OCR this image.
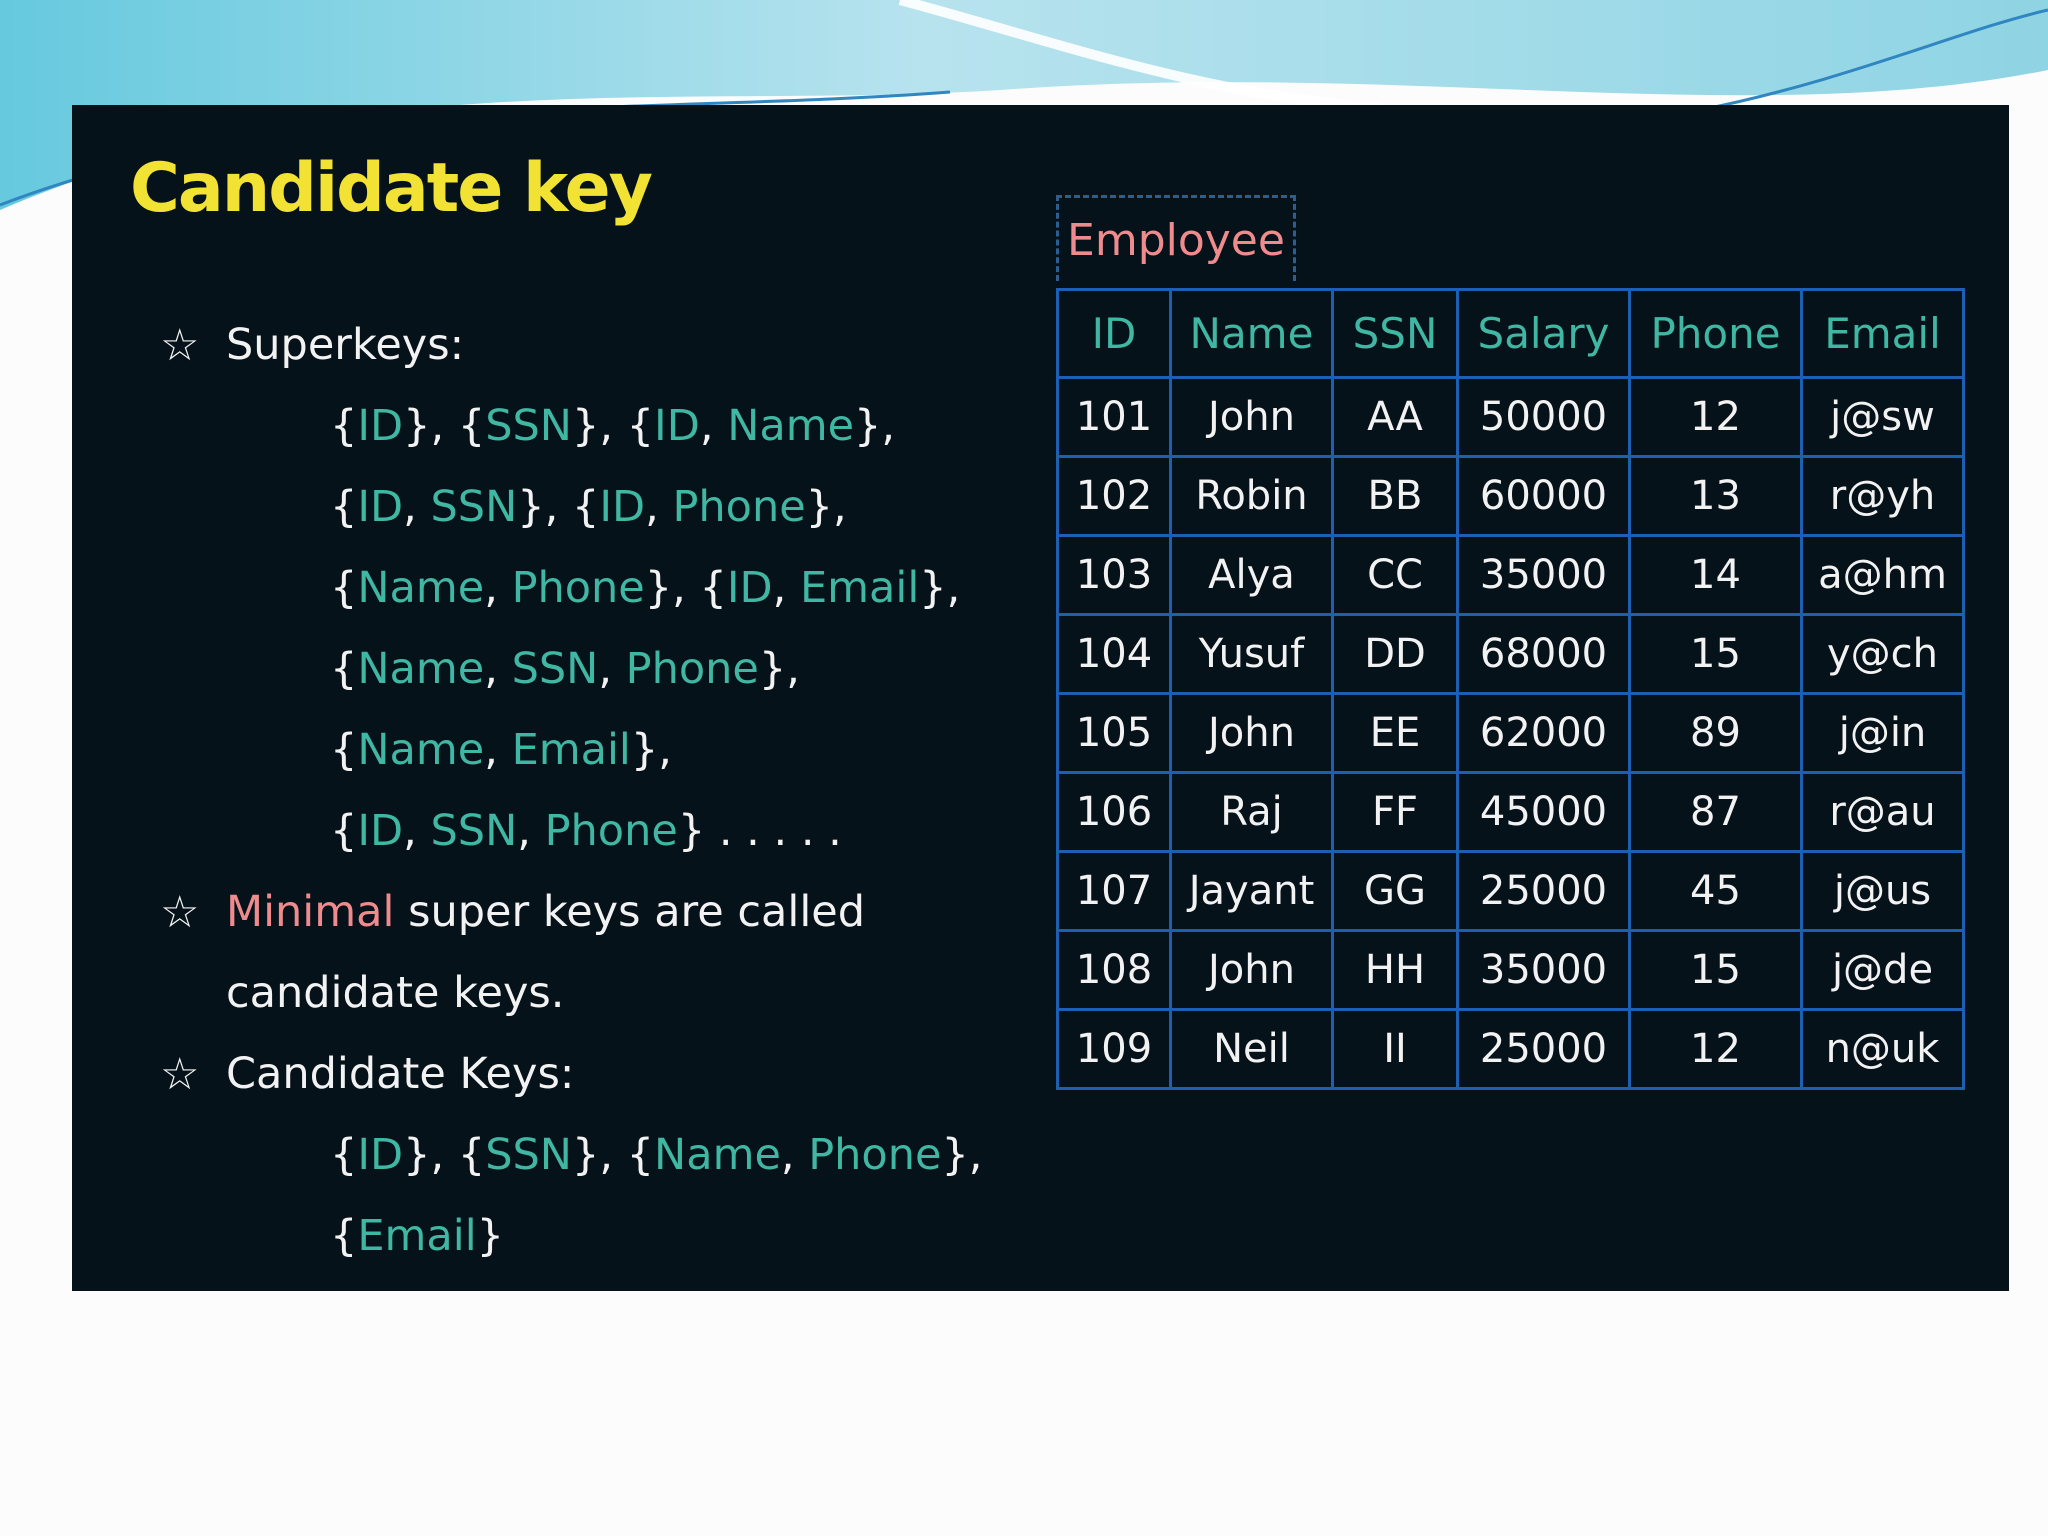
Candidate key
☆ Superkeys:
{ID}, {SSN}, {ID, Name},
{ID, SSN}, {ID, Phone},
{Name, Phone}, {ID, Email},
{Name, SSN, Phone},
{Name, Email},
{ID, SSN, Phone} . . . . .
☆ Minimal super keys are called
candidate keys.
☆ Candidate Keys:
{ID}, {SSN}, {Name, Phone},
{Email}
Employee
ID	Name	SSN	Salary	Phone	Email
101	John	AA	50000	12	j@sw
102	Robin	BB	60000	13	r@yh
103	Alya	CC	35000	14	a@hm
104	Yusuf	DD	68000	15	y@ch
105	John	EE	62000	89	j@in
106	Raj	FF	45000	87	r@au
107	Jayant	GG	25000	45	j@us
108	John	HH	35000	15	j@de
109	Neil	II	25000	12	n@uk
